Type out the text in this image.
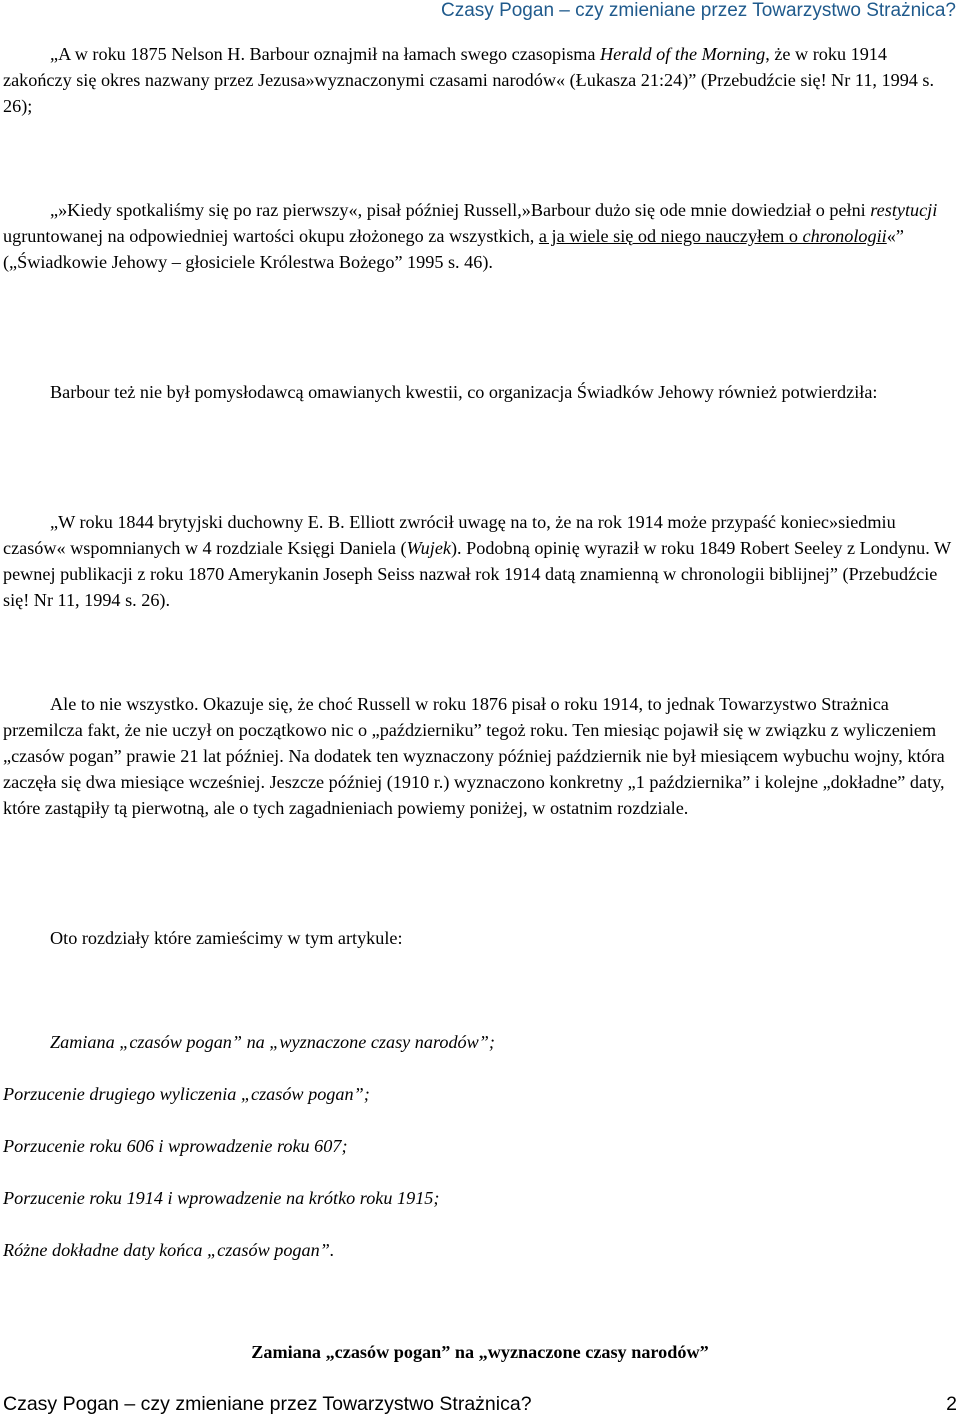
Czasy Pogan – czy zmieniane przez Towarzystwo Strażnica?

„A w roku 1875 Nelson H. Barbour oznajmił na łamach swego czasopisma Herald of the Morning, że w roku 1914 zakończy się okres nazwany przez Jezusa»wyznaczonymi czasami narodów« (Łukasza 21:24)” (Przebudźcie się! Nr 11, 1994 s. 26);

„»Kiedy spotkaliśmy się po raz pierwszy«, pisał później Russell,»Barbour dużo się ode mnie dowiedział o pełni restytucji ugruntowanej na odpowiedniej wartości okupu złożonego za wszystkich, a ja wiele się od niego nauczyłem o chronologii«” („Świadkowie Jehowy – głosiciele Królestwa Bożego” 1995 s. 46).

Barbour też nie był pomysłodawcą omawianych kwestii, co organizacja Świadków Jehowy również potwierdziła:

„W roku 1844 brytyjski duchowny E. B. Elliott zwrócił uwagę na to, że na rok 1914 może przypaść koniec»siedmiu czasów« wspomnianych w 4 rozdziale Księgi Daniela (Wujek). Podobną opinię wyraził w roku 1849 Robert Seeley z Londynu. W pewnej publikacji z roku 1870 Amerykanin Joseph Seiss nazwał rok 1914 datą znamienną w chronologii biblijnej” (Przebudźcie się! Nr 11, 1994 s. 26).

Ale to nie wszystko. Okazuje się, że choć Russell w roku 1876 pisał o roku 1914, to jednak Towarzystwo Strażnica przemilcza fakt, że nie uczył on początkowo nic o „październiku” tegoż roku. Ten miesiąc pojawił się w związku z wyliczeniem „czasów pogan” prawie 21 lat później. Na dodatek ten wyznaczony później październik nie był miesiącem wybuchu wojny, która zaczęła się dwa miesiące wcześniej. Jeszcze później (1910 r.) wyznaczono konkretny „1 października” i kolejne „dokładne” daty, które zastąpiły tą pierwotną, ale o tych zagadnieniach powiemy poniżej, w ostatnim rozdziale.

Oto rozdziały które zamieścimy w tym artykule:

Zamiana „czasów pogan” na „wyznaczone czasy narodów”;

Porzucenie drugiego wyliczenia „czasów pogan”;

Porzucenie roku 606 i wprowadzenie roku 607;

Porzucenie roku 1914 i wprowadzenie na krótko roku 1915;

Różne dokładne daty końca „czasów pogan”.

Zamiana „czasów pogan” na „wyznaczone czasy narodów”

Czasy Pogan – czy zmieniane przez Towarzystwo Strażnica?	2
